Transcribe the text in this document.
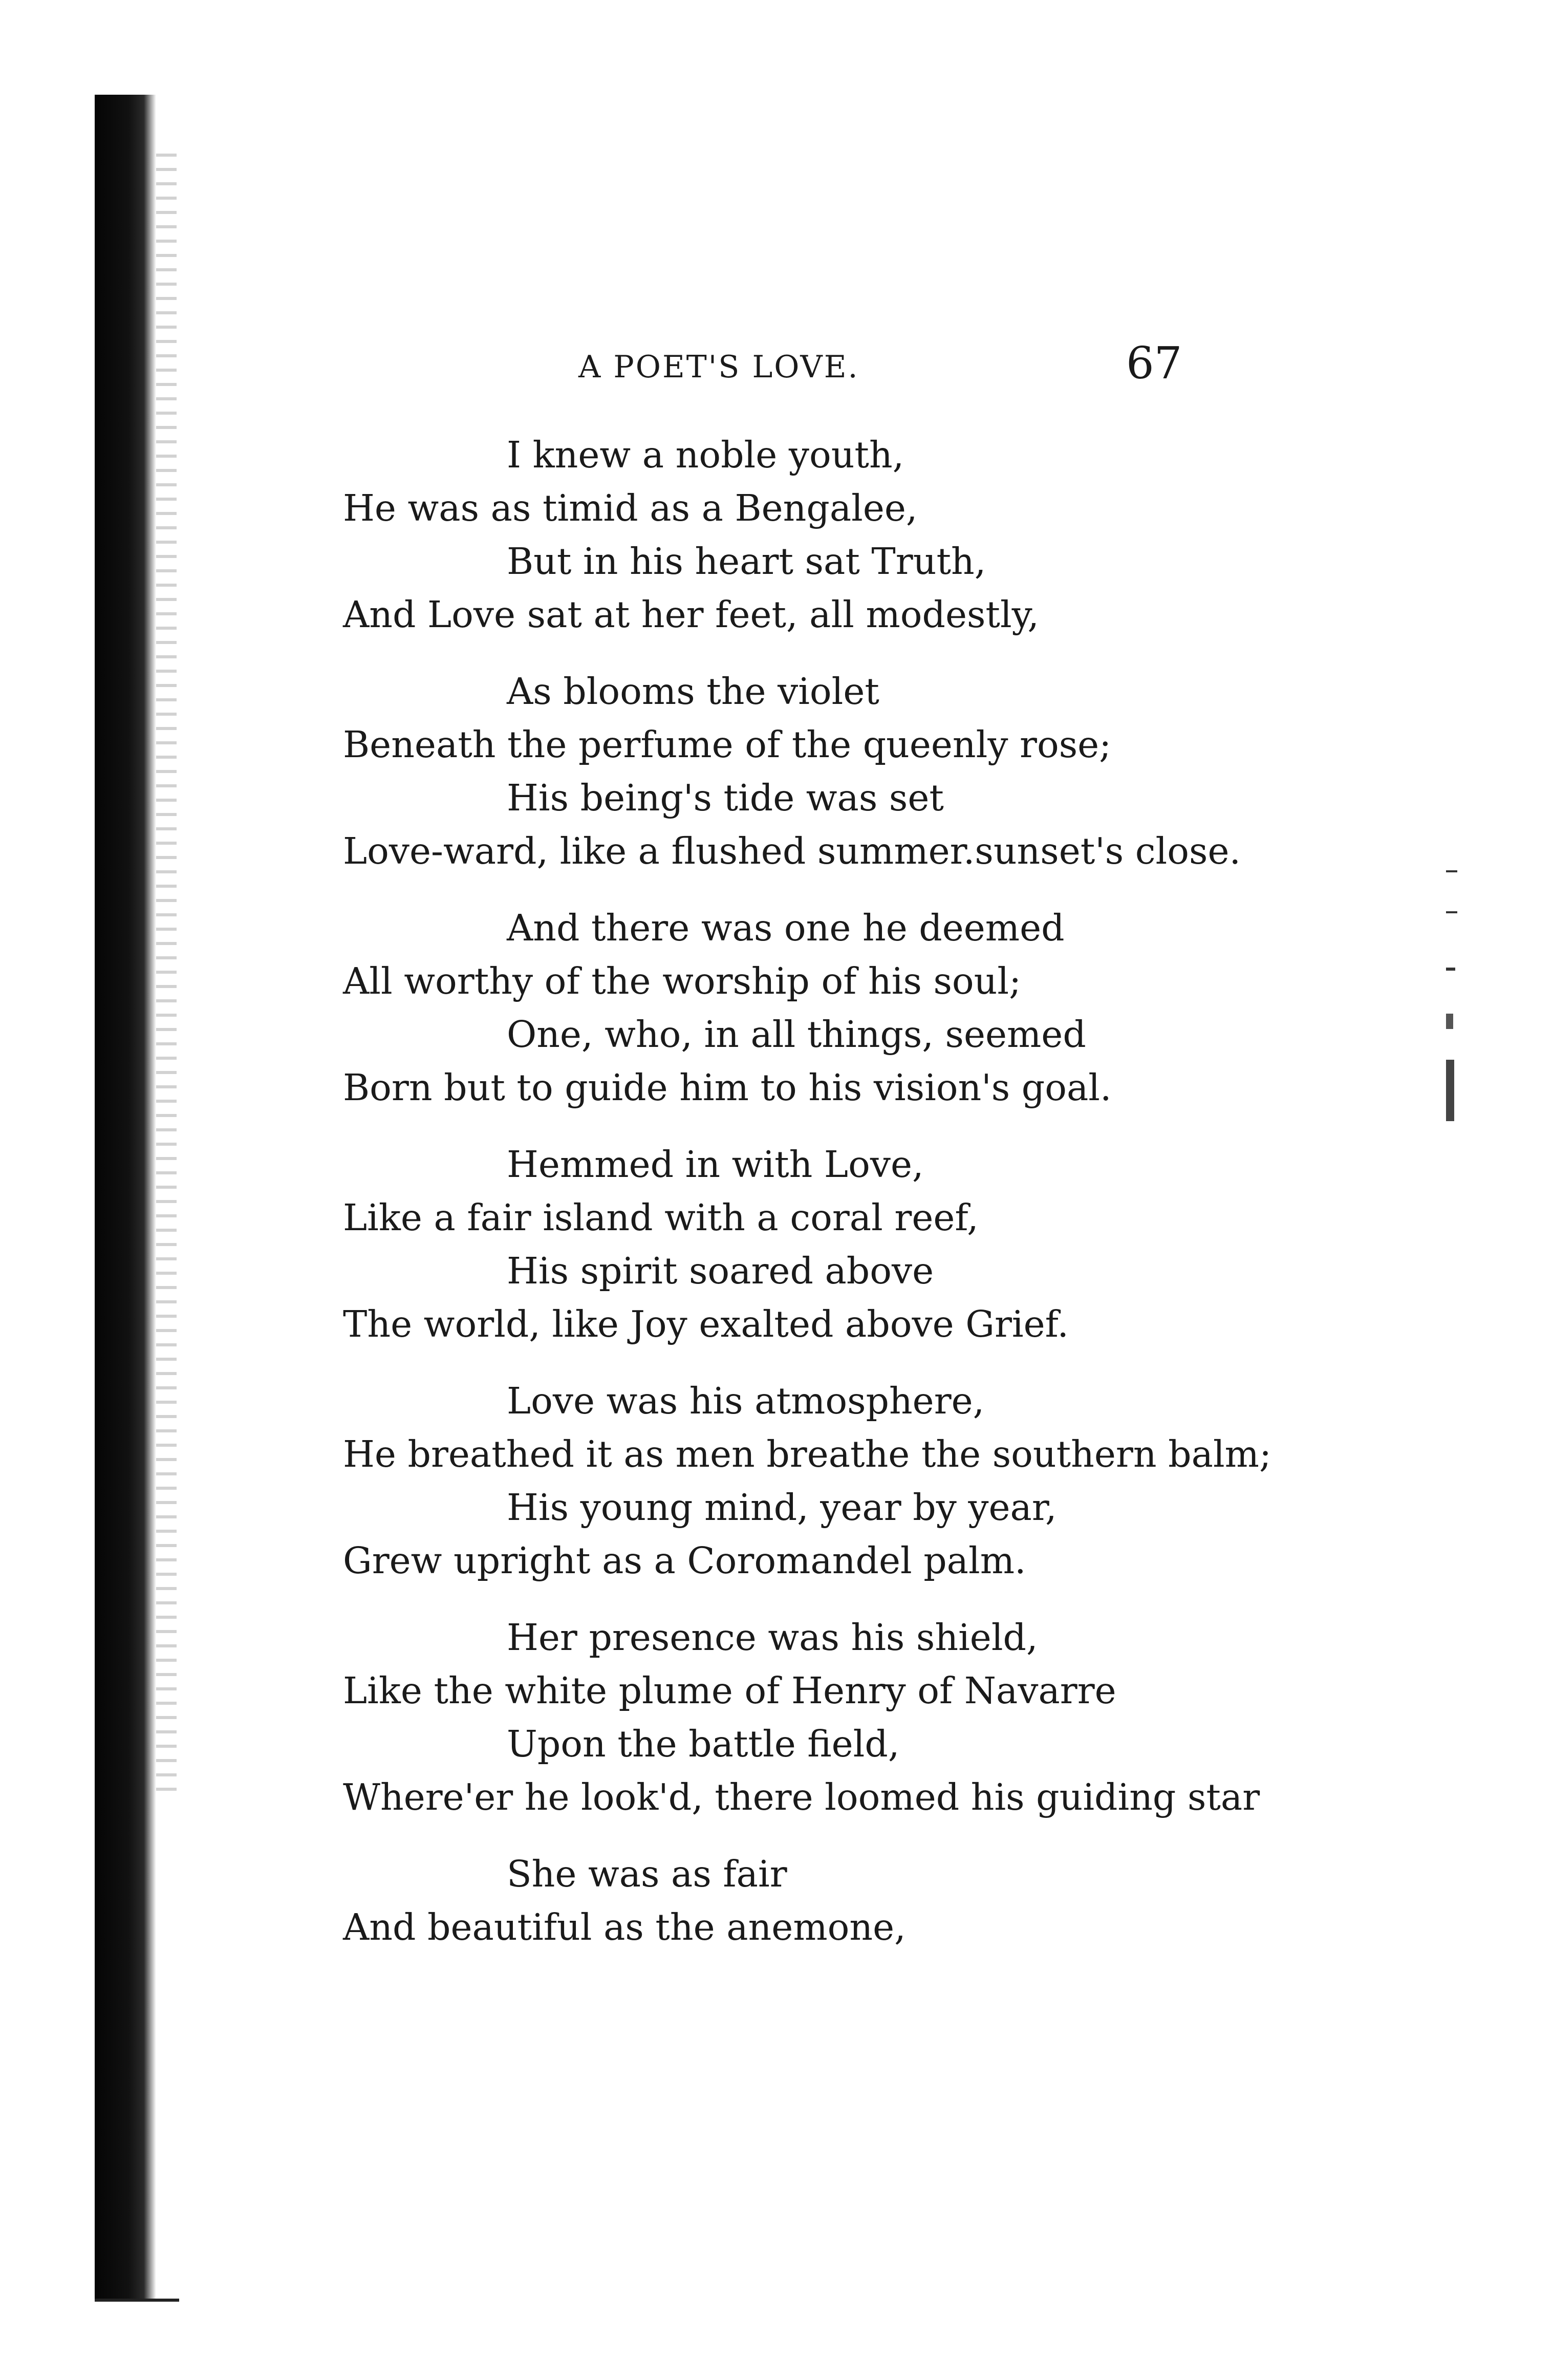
A POET'S LOVE.	67
I knew a noble youth,
He was as timid as a Bengalee,
But in his heart sat Truth,
And Love sat at her feet, all modestly,
As blooms the violet
Beneath the perfume of the queenly rose;
His being's tide was set
Love-ward, like a flushed summer.sunset's close.
And there was one he deemed
All worthy of the worship of his soul;
One, who, in all things, seemed
Born but to guide him to his vision's goal.
Hemmed in with Love,
Like a fair island with a coral reef,
His spirit soared above
The world, like Joy exalted above Grief.
Love was his atmosphere,
He breathed it as men breathe the southern balm;
His young mind, year by year,
Grew upright as a Coromandel palm.
Her presence was his shield,
Like the white plume of Henry of Navarre
Upon the battle field,
Where'er he look'd, there loomed his guiding star
She was as fair
And beautiful as the anemone,
